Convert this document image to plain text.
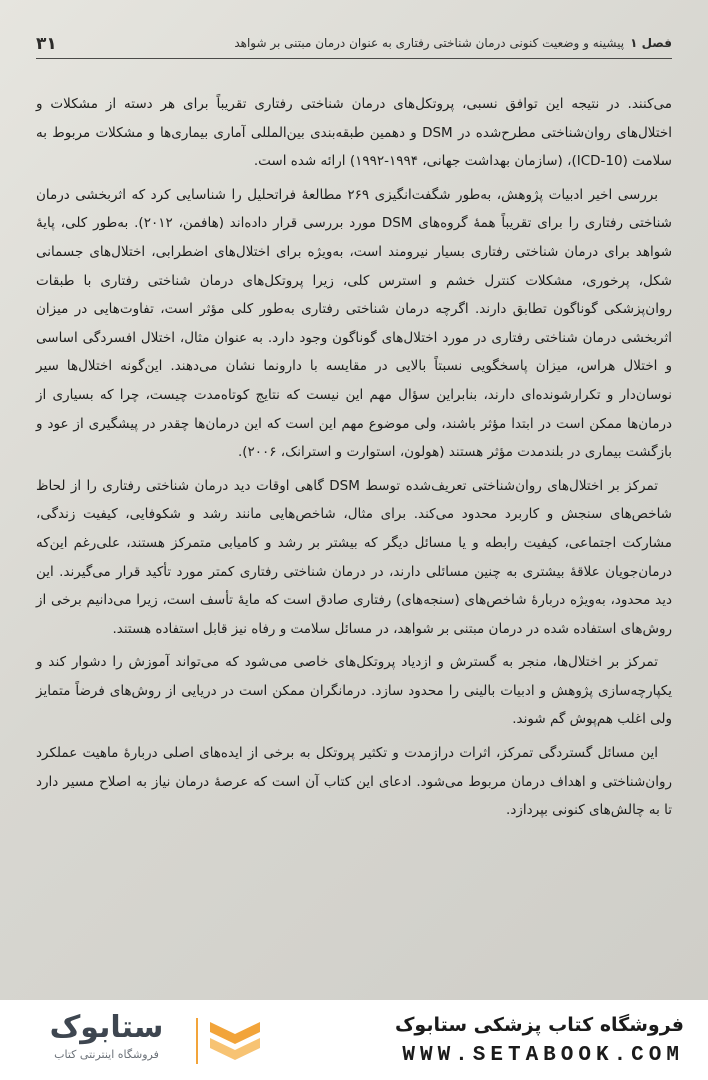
۳۱	فصل ۱پیشینه و وضعیت کنونی درمان شناختی رفتاری به عنوان درمان مبتنی بر شواهد

می‌کنند. در نتیجه این توافق نسبی، پروتکل‌های درمان شناختی رفتاری تقریباً برای هر دسته از مشکلات و اختلال‌های روان‌شناختی مطرح‌شده در DSM و دهمین طبقه‌بندی بین‌المللی آماری بیماری‌ها و مشکلات مربوط به سلامت (ICD-10)، (سازمان بهداشت جهانی، ۱۹۹۴-۱۹۹۲) ارائه شده است.

بررسی اخیر ادبیات پژوهش، به‌طور شگفت‌انگیزی ۲۶۹ مطالعهٔ فراتحلیل را شناسایی کرد که اثربخشی درمان شناختی رفتاری را برای تقریباً همهٔ گروه‌های DSM مورد بررسی قرار داده‌اند (هافمن، ۲۰۱۲). به‌طور کلی، پایهٔ شواهد برای درمان شناختی رفتاری بسیار نیرومند است، به‌ویژه برای اختلال‌های اضطرابی، اختلال‌های جسمانی شکل، پرخوری، مشکلات کنترل خشم و استرس کلی، زیرا پروتکل‌های درمان شناختی رفتاری با طبقات روان‌پزشکی گوناگون تطابق دارند. اگرچه درمان شناختی رفتاری به‌طور کلی مؤثر است، تفاوت‌هایی در میزان اثربخشی درمان شناختی رفتاری در مورد اختلال‌های گوناگون وجود دارد. به عنوان مثال، اختلال افسردگی اساسی و اختلال هراس، میزان پاسخگویی نسبتاً بالایی در مقایسه با دارونما نشان می‌دهند. این‌گونه اختلال‌ها سیر نوسان‌دار و تکرارشونده‌ای دارند، بنابراین سؤال مهم این نیست که نتایج کوتاه‌مدت چیست، چرا که بسیاری از درمان‌ها ممکن است در ابتدا مؤثر باشند، ولی موضوع مهم این است که این درمان‌ها چقدر در پیشگیری از عود و بازگشت بیماری در بلندمدت مؤثر هستند (هولون، استوارت و استرانک، ۲۰۰۶).

تمرکز بر اختلال‌های روان‌شناختی تعریف‌شده توسط DSM گاهی اوقات دید درمان شناختی رفتاری را از لحاظ شاخص‌های سنجش و کاربرد محدود می‌کند. برای مثال، شاخص‌هایی مانند رشد و شکوفایی، کیفیت زندگی، مشارکت اجتماعی، کیفیت رابطه و یا مسائل دیگر که بیشتر بر رشد و کامیابی متمرکز هستند، علی‌رغم این‌که درمان‌جویان علاقهٔ بیشتری به چنین مسائلی دارند، در درمان شناختی رفتاری کمتر مورد تأکید قرار می‌گیرند. این دید محدود، به‌ویژه دربارهٔ شاخص‌های (سنجه‌های) رفتاری صادق است که مایهٔ تأسف است، زیرا می‌دانیم برخی از روش‌های استفاده شده در درمان مبتنی بر شواهد، در مسائل سلامت و رفاه نیز قابل استفاده هستند.

تمرکز بر اختلال‌ها، منجر به گسترش و ازدیاد پروتکل‌های خاصی می‌شود که می‌تواند آموزش را دشوار کند و یکپارچه‌سازی پژوهش و ادبیات بالینی را محدود سازد. درمانگران ممکن است در دریایی از روش‌های فرضاً متمایز ولی اغلب هم‌پوش گم شوند.

این مسائل گستردگی تمرکز، اثرات درازمدت و تکثیر پروتکل به برخی از ایده‌های اصلی دربارهٔ ماهیت عملکرد روان‌شناختی و اهداف درمان مربوط می‌شود. ادعای این کتاب آن است که عرصهٔ درمان نیاز به اصلاح مسیر دارد تا به چالش‌های کنونی بپردازد.

ستابوک
فروشگاه اینترنتی کتاب
فروشگاه کتاب پزشکی ستابوک
WWW.SETABOOK.COM
